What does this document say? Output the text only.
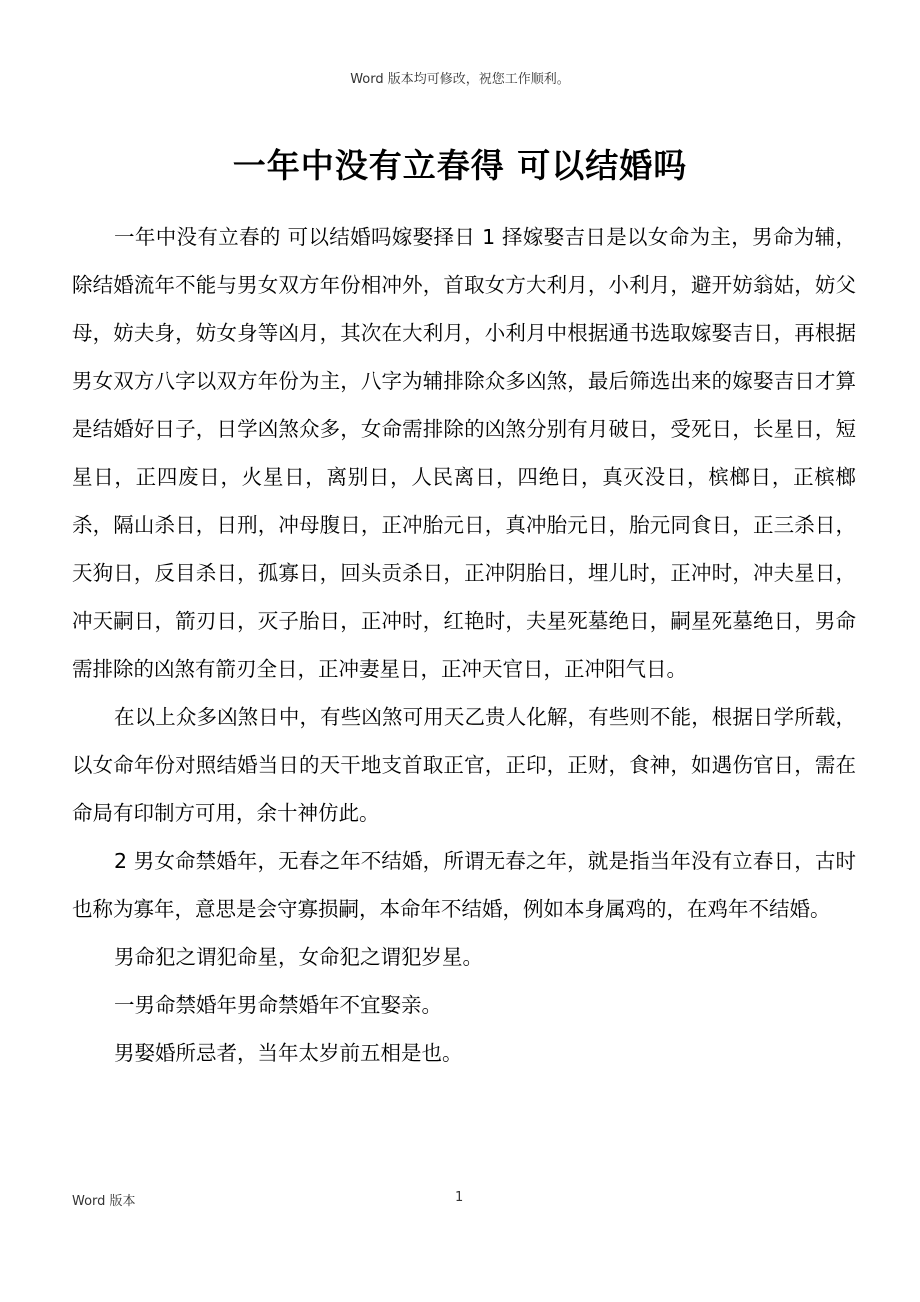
Word 版本均可修改，祝您工作顺利。
一年中没有立春得 可以结婚吗

一年中没有立春的 可以结婚吗嫁娶择日 1 择嫁娶吉日是以女命为主，男命为辅，除结婚流年不能与男女双方年份相冲外，首取女方大利月，小利月，避开妨翁姑，妨父母，妨夫身，妨女身等凶月，其次在大利月，小利月中根据通书选取嫁娶吉日，再根据男女双方八字以双方年份为主，八字为辅排除众多凶煞，最后筛选出来的嫁娶吉日才算是结婚好日子，日学凶煞众多，女命需排除的凶煞分别有月破日，受死日，长星日，短星日，正四废日，火星日，离别日，人民离日，四绝日，真灭没日，槟榔日，正槟榔杀，隔山杀日，日刑，冲母腹日，正冲胎元日，真冲胎元日，胎元同食日，正三杀日，天狗日，反目杀日，孤寡日，回头贡杀日，正冲阴胎日，埋儿时，正冲时，冲夫星日，冲天嗣日，箭刃日，灭子胎日，正冲时，红艳时，夫星死墓绝日，嗣星死墓绝日，男命需排除的凶煞有箭刃全日，正冲妻星日，正冲天官日，正冲阳气日。

在以上众多凶煞日中，有些凶煞可用天乙贵人化解，有些则不能，根据日学所载，以女命年份对照结婚当日的天干地支首取正官，正印，正财，食神，如遇伤官日，需在命局有印制方可用，余十神仿此。

2 男女命禁婚年，无春之年不结婚，所谓无春之年，就是指当年没有立春日，古时也称为寡年，意思是会守寡损嗣，本命年不结婚，例如本身属鸡的，在鸡年不结婚。

男命犯之谓犯命星，女命犯之谓犯岁星。

一男命禁婚年男命禁婚年不宜娶亲。

男娶婚所忌者，当年太岁前五相是也。

Word 版本	1
